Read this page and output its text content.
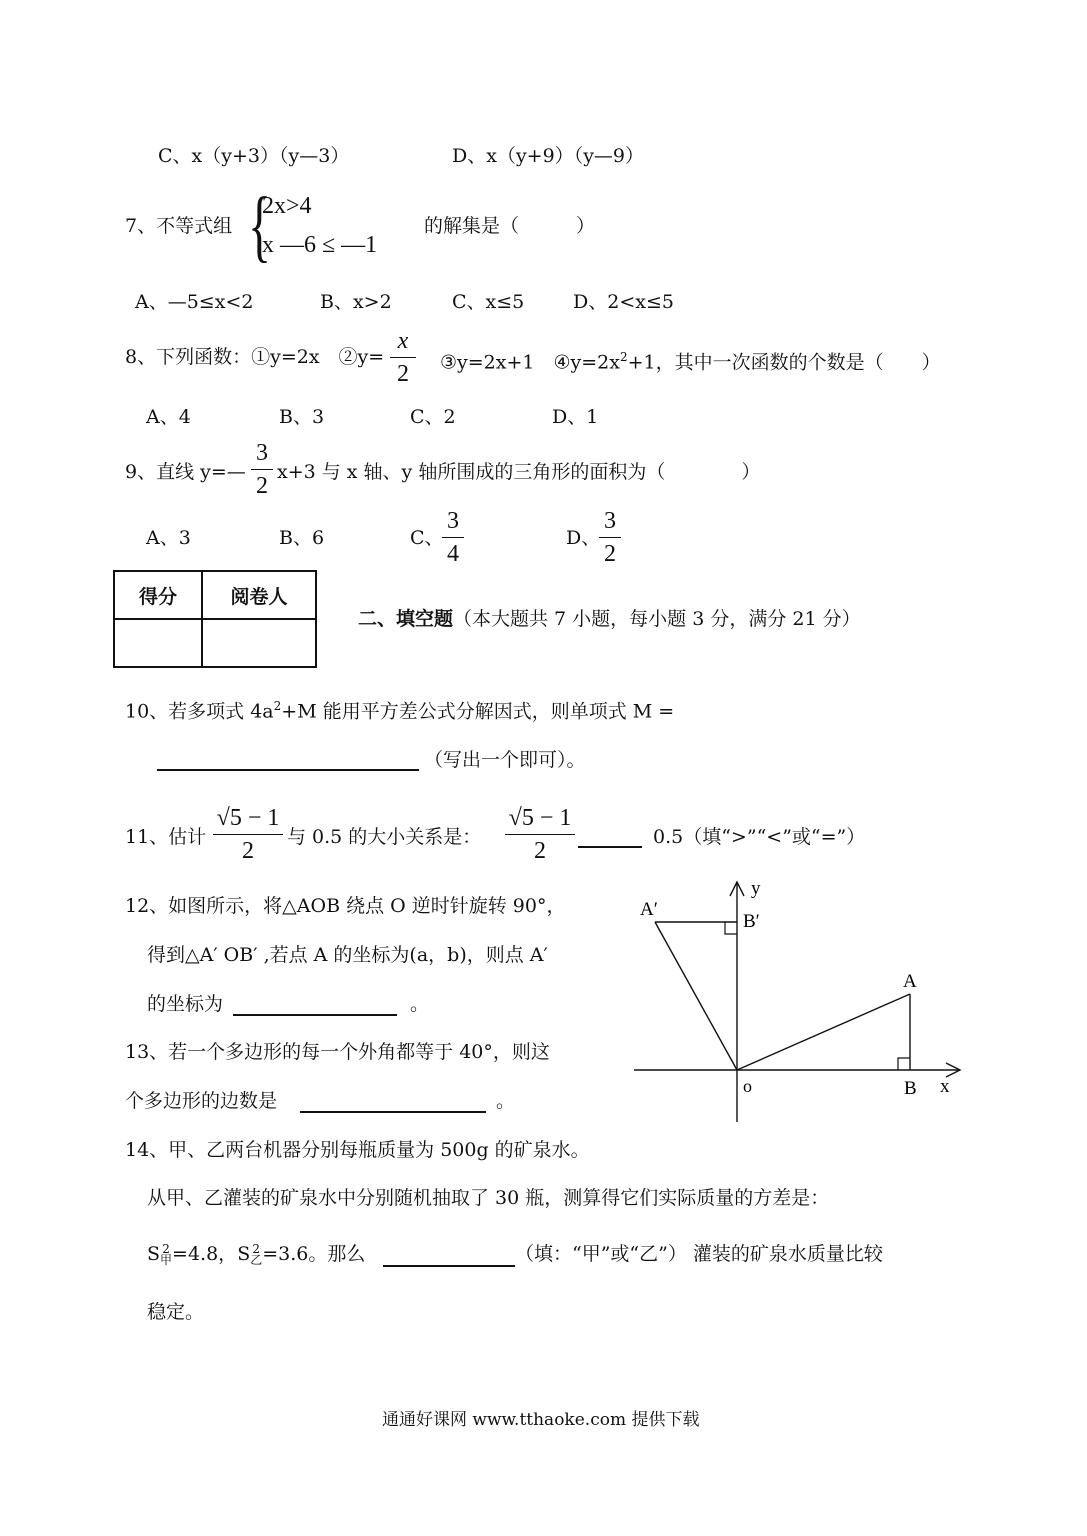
C、x（y+3）（y—3）	D、x（y+9）（y—9）
7、不等式组 {
2x>4
x —6 ≤ —1
的解集是（　　　）
A、—5≤x<2	B、x>2	C、x≤5	D、2<x≤5
8、下列函数：①y=2x　②y=
x
2	③y=2x+1　$④y=2x^2+1$，其中一次函数的个数是（　　）
A、4	B、3	C、2	D、1
9、直线 y=—
3
2
x+3 与 x 轴、y 轴所围成的三角形的面积为（　　　　）
A、3	B、6	C、
3
4
D、
3
2
得分	阅卷人

二、填空题（本大题共 7 小题，每小题 3 分，满分 21 分）
10、若多项式 $4a^2+M$ 能用平方差公式分解因式，则单项式 M =
（写出一个即可）。
11、估计
√5 − 1
2
与 0.5 的大小关系是：
√5 − 1
2
0.5（填“>”“<”或“=”）
12、如图所示，将△AOB 绕点 O 逆时针旋转 90°，
得到△A′ OB′ ,若点 A 的坐标为(a，b)，则点 A′
的坐标为	。
13、若一个多边形的每一个外角都等于 40°，则这
个多边形的边数是	。
y
x
o
A
B
A′
B′
14、甲、乙两台机器分别每瓶质量为 500g 的矿泉水。
从甲、乙灌装的矿泉水中分别随机抽取了 30 瓶，测算得它们实际质量的方差是：
S 2
甲 =4.8，S 2
乙 =3.6。那么	（填：“甲”或“乙”） 灌装的矿泉水质量比较
稳定。
通通好课网 www.tthaoke.com 提供下载
